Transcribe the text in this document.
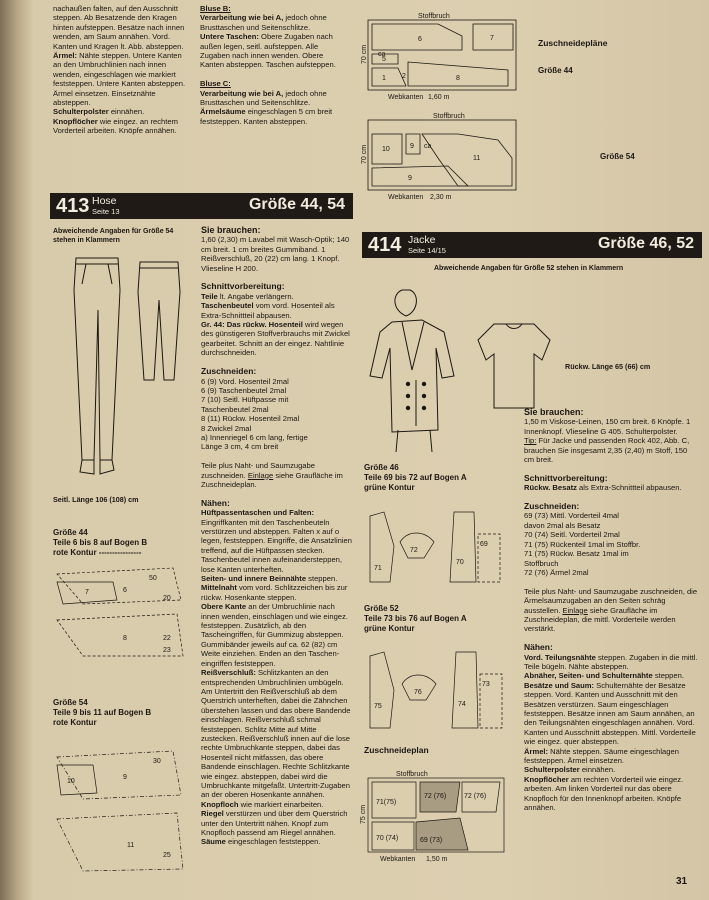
nachaußen falten, auf den Ausschnitt steppen. Ab Besatzende den Kragen hinten aufsteppen. Besätze nach innen wenden, am Saum annähen. Vord. Kanten und Kragen lt. Abb. absteppen.
Ärmel: Nähte steppen. Untere Kanten an den Umbruchlinien nach innen wenden, eingeschlagen wie markiert feststeppen. Untere Kanten absteppen. Ärmel einsetzen. Einsetznähte absteppen.
Schulterpolster einnähen.
Knopflöcher wie eingez. an rechtem Vorderteil arbeiten. Knöpfe annähen.
Bluse B:
Verarbeitung wie bei A, jedoch ohne Brusttaschen und Seitenschlitze.
Untere Taschen: Obere Zugaben nach außen legen, seitl. aufsteppen. Alle Zugaben nach innen wenden. Obere Kanten absteppen. Taschen aufsteppen.

Bluse C:
Verarbeitung wie bei A, jedoch ohne Brusttaschen und Seitenschlitze.
Ärmelsäume eingeschlagen 5 cm breit feststeppen. Kanten absteppen.
Stoffbruch
Webkanten 1,60 m
70 cm
6	7
5
ca
1 2	8
Stoffbruch
Webkanten 2,30 m
70 cm 10	9 ca
11
9
Zuschneidepläne
Größe 44
Größe 54
413 Hose
Seite 13	Größe 44, 54
Abweichende Angaben für Größe 54 stehen in Klammern
Seitl. Länge 106 (108) cm
Größe 44
Teile 6 bis 8 auf Bogen B
rote Kontur ----------------
6
7
8
50
20
22
23
Größe 54
Teile 9 bis 11 auf Bogen B
rote Kontur
9
10
11
30
25
Sie brauchen:
1,60 (2,30) m Lavabel mit Wasch-Optik; 140 cm breit. 1 cm breites Gummiband. 1 Reißverschluß, 20 (22) cm lang. 1 Knopf. Vlieseline H 200.

Schnittvorbereitung:
Teile lt. Angabe verlängern.
Taschenbeutel vom vord. Hosenteil als Extra-Schnittteil abpausen.
Gr. 44: Das rückw. Hosenteil wird wegen des günstigeren Stoffverbrauchs mit Zwickel gearbeitet. Schnitt an der eingez. Nahtlinie durchschneiden.

Zuschneiden:
6 (9) Vord. Hosenteil 2mal
6 (9) Taschenbeutel 2mal
7 (10) Seitl. Hüftpasse mit
Taschenbeutel 2mal
8 (11) Rückw. Hosenteil 2mal
8 Zwickel 2mal
a) Innenriegel 6 cm lang, fertige
Länge 3 cm, 4 cm breit

Teile plus Naht- und Saumzugabe zuschneiden. Einlage siehe Graufläche im Zuschneideplan.

Nähen:
Hüftpassentaschen und Falten: Eingriffkanten mit den Taschenbeuteln verstürzen und absteppen. Falten x auf o legen, feststeppen. Eingriffe, die Ansatzlinien treffend, auf die Hüftpassen stecken. Taschenbeutel innen aufeinandersteppen, lose Kanten unterheften.
Seiten- und innere Beinnähte steppen.
Mittelnaht vom vord. Schlitzzeichen bis zur rückw. Hosenkante steppen.
Obere Kante an der Umbruchlinie nach innen wenden, einschlagen und wie eingez. feststeppen. Zusätzlich, ab den Tascheingriffen, für Gummizug absteppen. Gummibänder jeweils auf ca. 62 (82) cm Weite einziehen. Enden an den Taschen-eingriffen feststeppen.
Reißverschluß: Schlitzkanten an den entsprechenden Umbruchlinien umbügeln. Am Untertritt den Reißverschluß ab dem Querstrich unterheften, dabei die Zähnchen überstehen lassen und das obere Bandende einschlagen. Reißverschluß schmal feststeppen. Schlitz Mitte auf Mitte zustecken. Reißverschluß innen auf die lose rechte Umbruchkante steppen, dabei das Hosenteil nicht mitfassen, das obere Bandende einschlagen. Rechte Schlitzkante wie eingez. absteppen, dabei wird die Umbruchkante mitgefaßt. Untertritt-Zugaben an der oberen Hosenkante annähen.
Knopfloch wie markiert einarbeiten.
Riegel verstürzen und über dem Querstrich unter den Untertritt nähen. Knopf zum Knopfloch passend am Riegel annähen.
Säume eingeschlagen feststeppen.
414 Jacke
Seite 14/15	Größe 46, 52
Abweichende Angaben für Größe 52 stehen in Klammern
Rückw. Länge 65 (66) cm
Größe 46
Teile 69 bis 72 auf Bogen A
grüne Kontur
71
72
70
69
Größe 52
Teile 73 bis 76 auf Bogen A
grüne Kontur
75
76
74
73
Zuschneideplan
Stoffbruch
Webkanten 1,50 m
75 cm
71(75)
72 (76)
70 (74)
72 (76)
69 (73)
Sie brauchen:
1,50 m Viskose-Leinen, 150 cm breit. 6 Knöpfe. 1 Innenknopf. Vlieseline G 405. Schulterpolster.
Tip: Für Jacke und passenden Rock 402, Abb. C, brauchen Sie insgesamt 2,35 (2,40) m Stoff, 150 cm breit.

Schnittvorbereitung:
Rückw. Besatz als Extra-Schnittteil abpausen.

Zuschneiden:
69 (73) Mittl. Vorderteil 4mal
davon 2mal als Besatz
70 (74) Seitl. Vorderteil 2mal
71 (75) Rückenteil 1mal im Stoffbr.
71 (75) Rückw. Besatz 1mal im
Stoffbruch
72 (76) Ärmel 2mal

Teile plus Naht- und Saumzugabe zuschneiden, die Ärmelsaumzugaben an den Seiten schräg ausstellen. Einlage siehe Graufläche im Zuschneideplan, die mittl. Vorderteile werden verstärkt.

Nähen:
Vord. Teilungsnähte steppen. Zugaben in die mittl. Teile bügeln. Nähte absteppen.
Abnäher, Seiten- und Schulternähte steppen.
Besätze und Saum: Schulternähte der Besätze steppen. Vord. Kanten und Ausschnitt mit den Besätzen verstürzen. Saum eingeschlagen feststeppen. Besätze innen am Saum annähen, an den Teilungsnähten eingeschlagen annähen. Vord. Kanten und Ausschnitt absteppen. Mittl. Vorderteile wie eingez. quer absteppen.
Ärmel: Nähte steppen. Säume eingeschlagen feststeppen. Ärmel einsetzen.
Schulterpolster einnähen.
Knopflöcher am rechten Vorderteil wie eingez. arbeiten. Am linken Vorderteil nur das obere Knopfloch für den Innenknopf arbeiten. Knöpfe annähen.
31
